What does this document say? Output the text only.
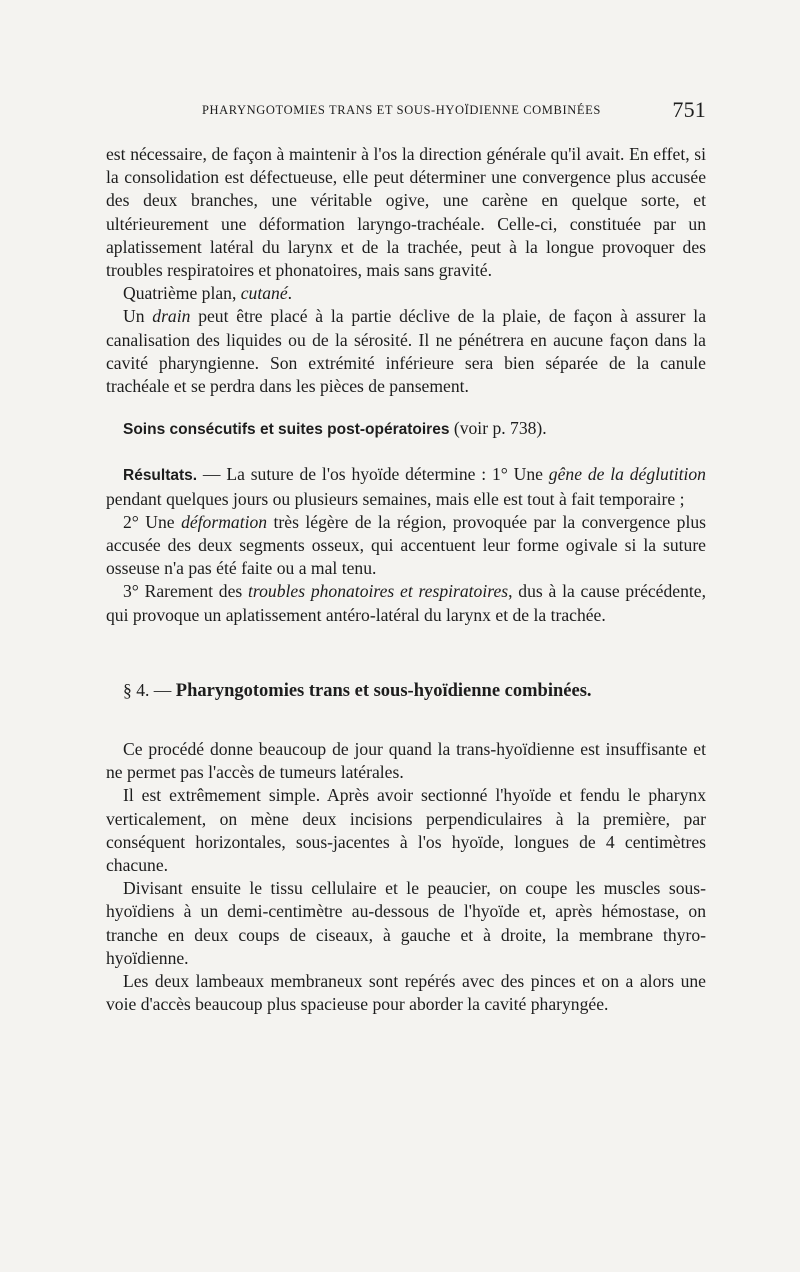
PHARYNGOTOMIES TRANS ET SOUS-HYOÏDIENNE COMBINÉES	751

est nécessaire, de façon à maintenir à l'os la direction générale qu'il avait. En effet, si la consolidation est défectueuse, elle peut déterminer une convergence plus accusée des deux branches, une véritable ogive, une carène en quelque sorte, et ultérieurement une déformation laryngo-trachéale. Celle-ci, constituée par un aplatissement latéral du larynx et de la trachée, peut à la longue provoquer des troubles respiratoires et phonatoires, mais sans gravité.

Quatrième plan, cutané.

Un drain peut être placé à la partie déclive de la plaie, de façon à assurer la canalisation des liquides ou de la sérosité. Il ne pénétrera en aucune façon dans la cavité pharyngienne. Son extrémité inférieure sera bien séparée de la canule trachéale et se perdra dans les pièces de pansement.

Soins consécutifs et suites post-opératoires (voir p. 738).

Résultats. — La suture de l'os hyoïde détermine : 1° Une gêne de la déglutition pendant quelques jours ou plusieurs semaines, mais elle est tout à fait temporaire ;

2° Une déformation très légère de la région, provoquée par la convergence plus accusée des deux segments osseux, qui accentuent leur forme ogivale si la suture osseuse n'a pas été faite ou a mal tenu.

3° Rarement des troubles phonatoires et respiratoires, dus à la cause précédente, qui provoque un aplatissement antéro-latéral du larynx et de la trachée.

§ 4. — Pharyngotomies trans et sous-hyoïdienne combinées.

Ce procédé donne beaucoup de jour quand la trans-hyoïdienne est insuffisante et ne permet pas l'accès de tumeurs latérales.

Il est extrêmement simple. Après avoir sectionné l'hyoïde et fendu le pharynx verticalement, on mène deux incisions perpendiculaires à la première, par conséquent horizontales, sous-jacentes à l'os hyoïde, longues de 4 centimètres chacune.

Divisant ensuite le tissu cellulaire et le peaucier, on coupe les muscles sous-hyoïdiens à un demi-centimètre au-dessous de l'hyoïde et, après hémostase, on tranche en deux coups de ciseaux, à gauche et à droite, la membrane thyro-hyoïdienne.

Les deux lambeaux membraneux sont repérés avec des pinces et on a alors une voie d'accès beaucoup plus spacieuse pour aborder la cavité pharyngée.
